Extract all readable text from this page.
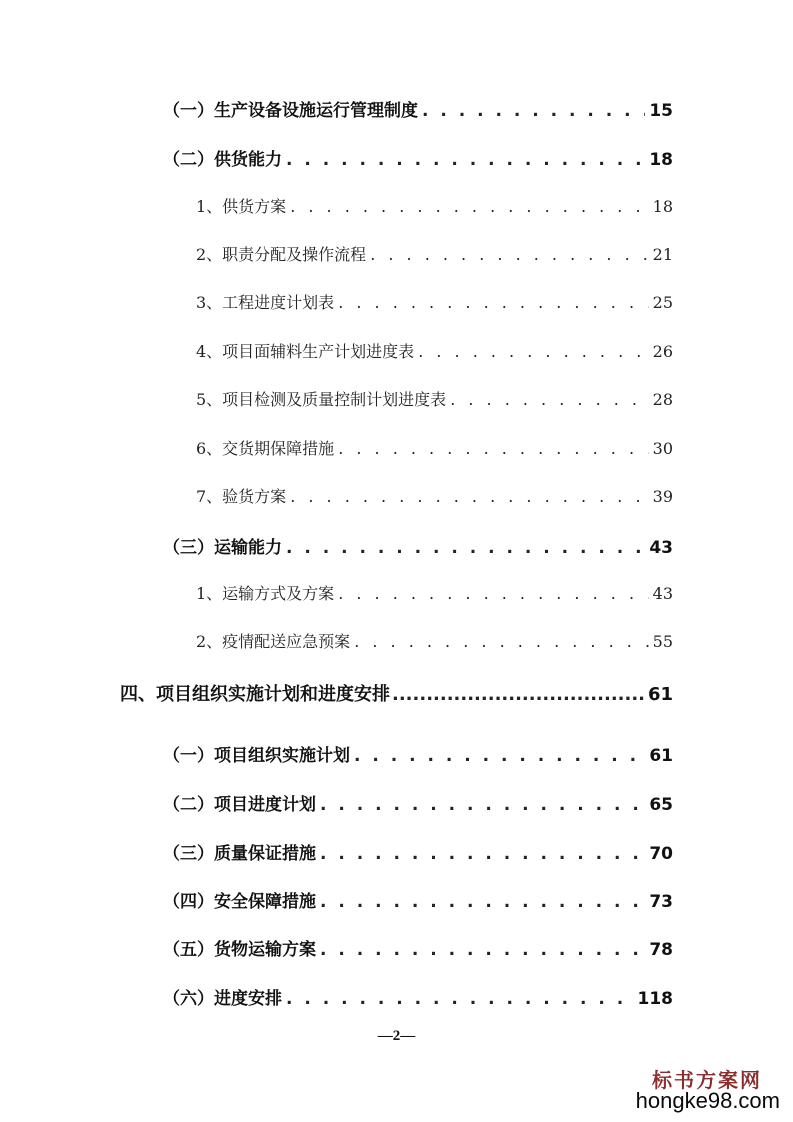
（一）生产设备设施运行管理制度 . . .	15
（二）供货能力 . . .	18
1、供货方案 . . .	18
2、职责分配及操作流程 . . .	21
3、工程进度计划表 . . .	25
4、项目面辅料生产计划进度表 . . .	26
5、项目检测及质量控制计划进度表 . . .	28
6、交货期保障措施 . . .	30
7、验货方案 . . .	39
（三）运输能力 . . .	43
1、运输方式及方案 . . .	43
2、疫情配送应急预案 . . .	55
四、项目组织实施计划和进度安排 .....	61
（一）项目组织实施计划 . . .	61
（二）项目进度计划 . . .	65
（三）质量保证措施 . . .	70
（四）安全保障措施 . . .	73
（五）货物运输方案 . . .	78
（六）进度安排 . . .	118
—2—
标书方案网
hongke98.com
